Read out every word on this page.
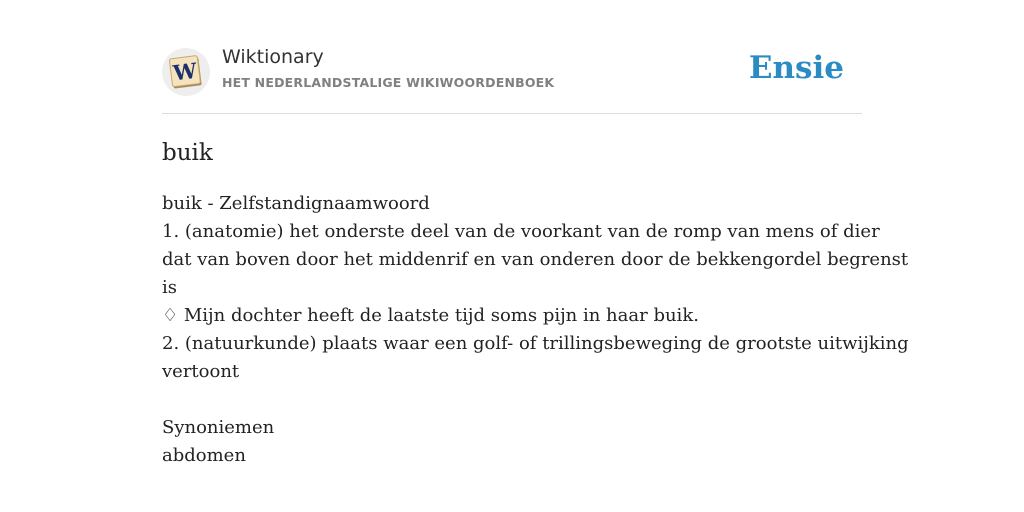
W
Wiktionary
HET NEDERLANDSTALIGE WIKIWOORDENBOEK	Ensie
buik
buik - Zelfstandignaamwoord
1. (anatomie) het onderste deel van de voorkant van de romp van mens of dier
dat van boven door het middenrif en van onderen door de bekkengordel begrenst
is
♢ Mijn dochter heeft de laatste tijd soms pijn in haar buik.
2. (natuurkunde) plaats waar een golf- of trillingsbeweging de grootste uitwijking
vertoont
Synoniemen
abdomen
